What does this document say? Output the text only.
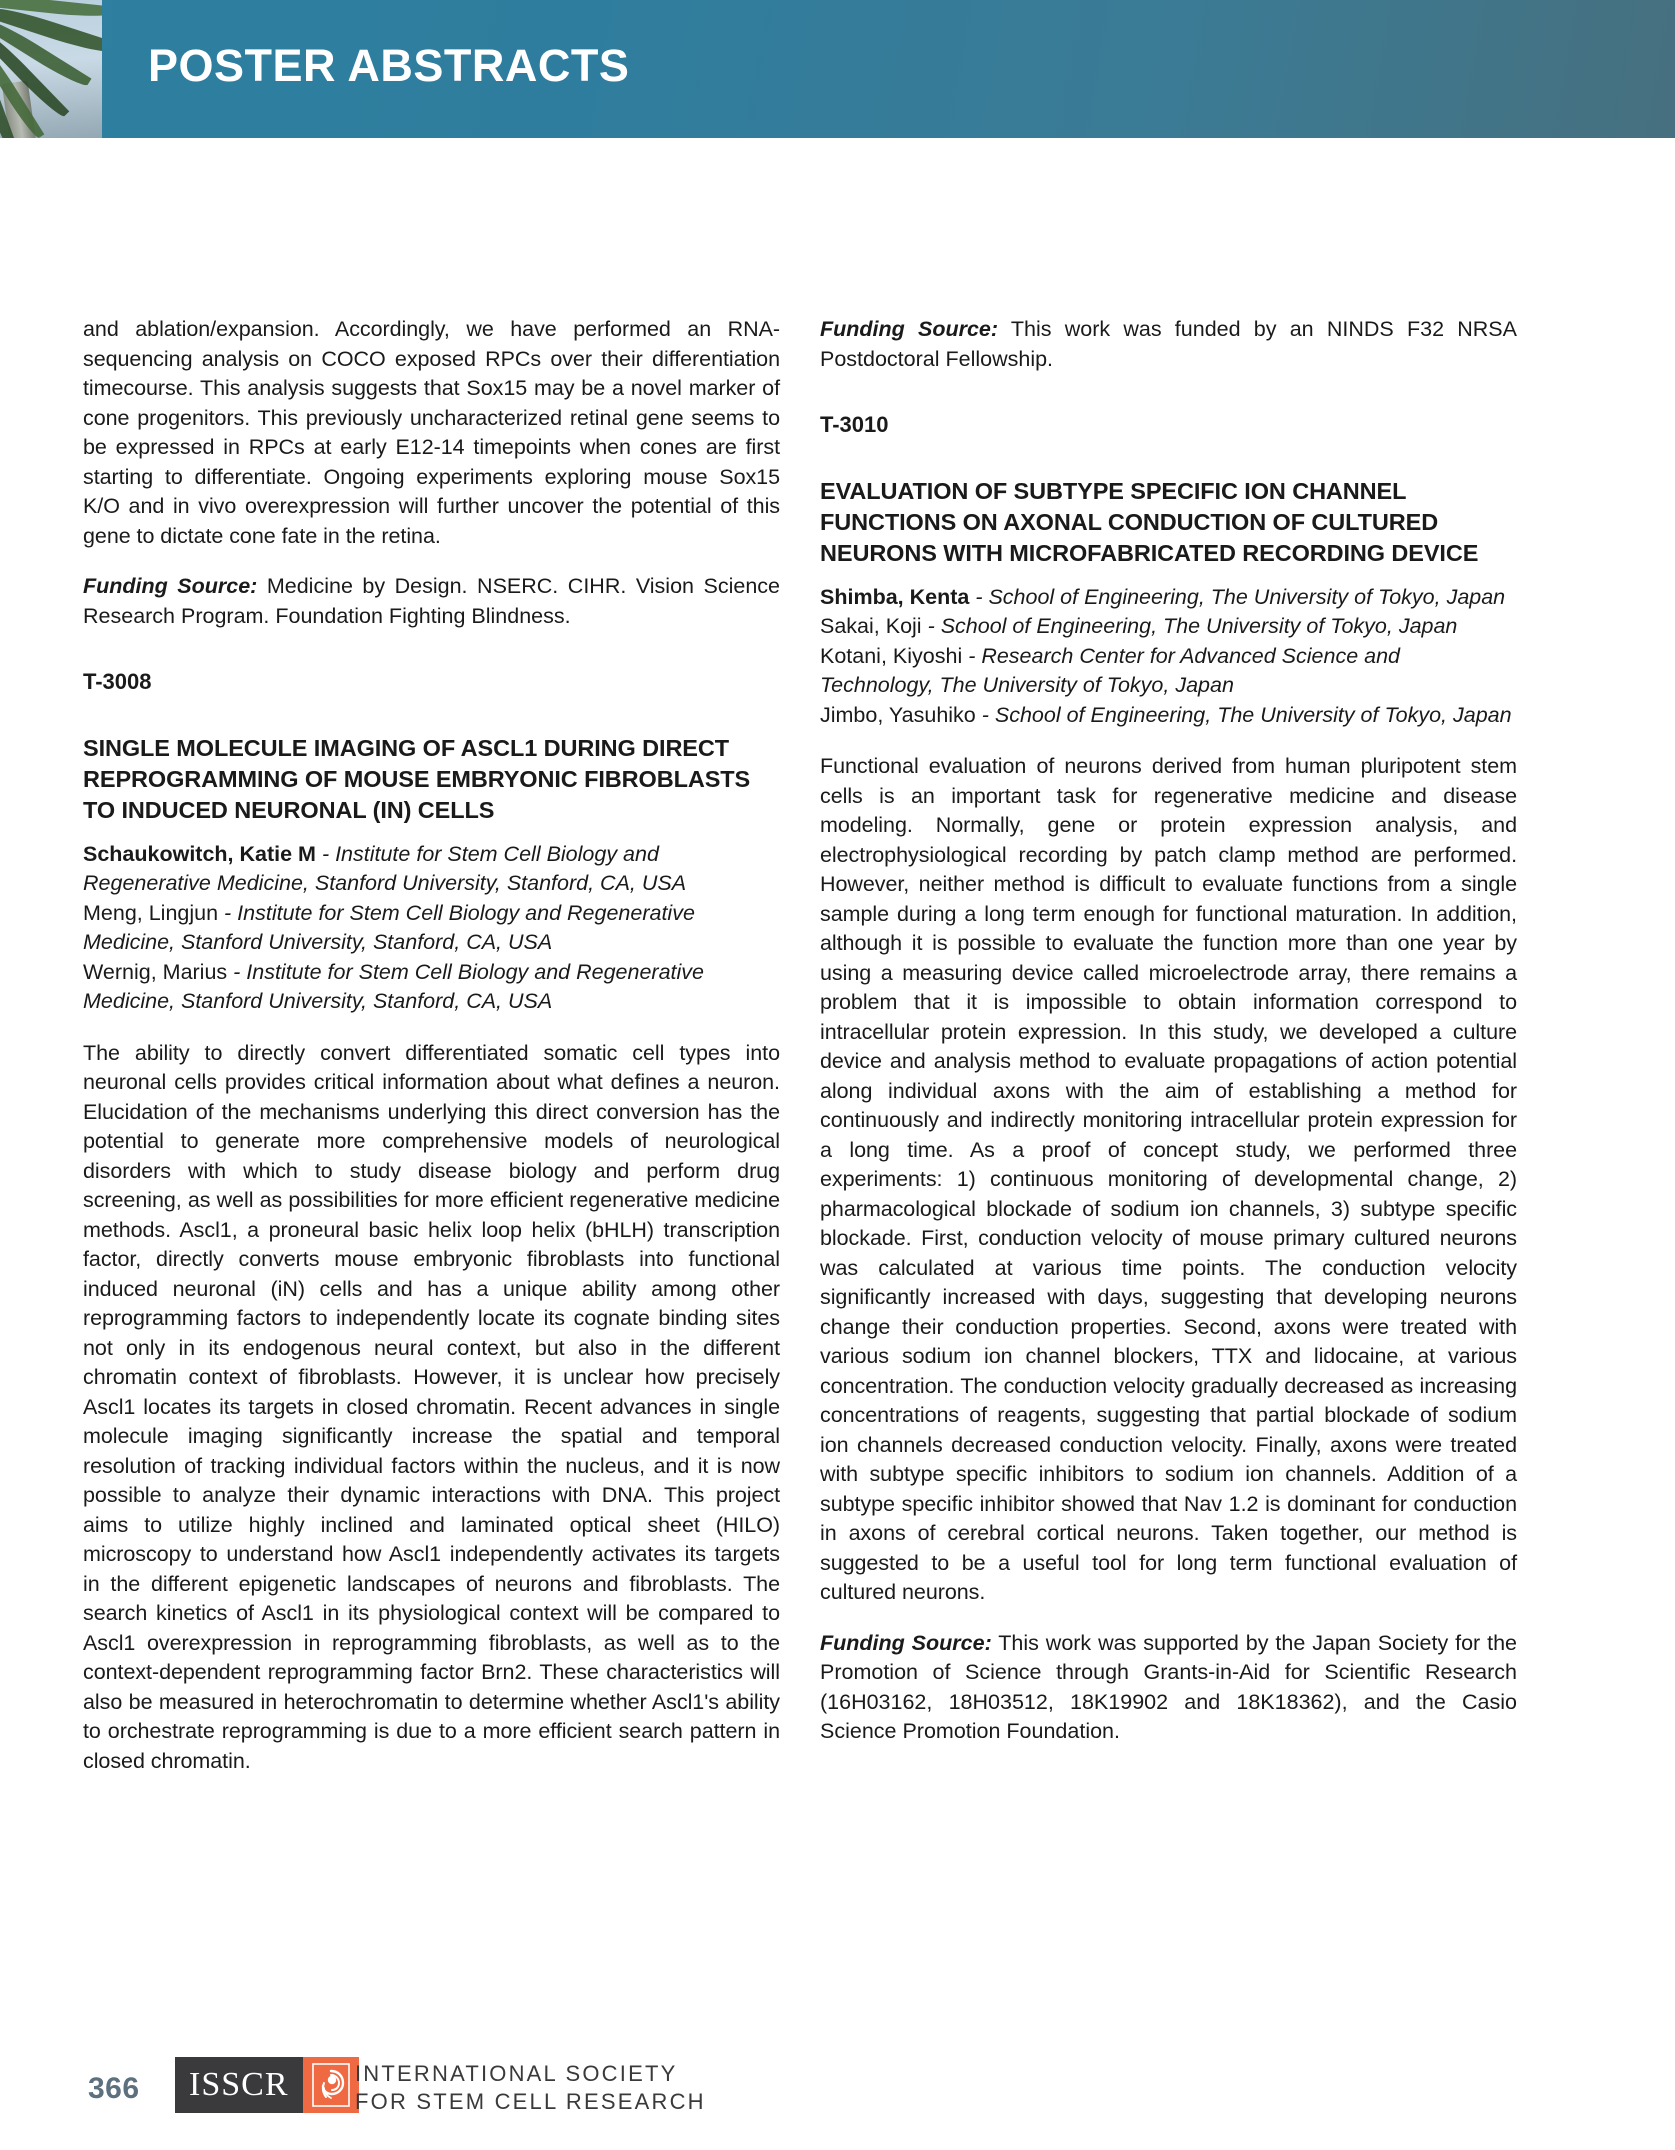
POSTER ABSTRACTS

and ablation/expansion. Accordingly, we have performed an RNA-sequencing analysis on COCO exposed RPCs over their differentiation timecourse. This analysis suggests that Sox15 may be a novel marker of cone progenitors. This previously uncharacterized retinal gene seems to be expressed in RPCs at early E12-14 timepoints when cones are first starting to differentiate. Ongoing experiments exploring mouse Sox15 K/O and in vivo overexpression will further uncover the potential of this gene to dictate cone fate in the retina.

Funding Source: Medicine by Design. NSERC. CIHR. Vision Science Research Program. Foundation Fighting Blindness.

T-3008

SINGLE MOLECULE IMAGING OF ASCL1 DURING DIRECT REPROGRAMMING OF MOUSE EMBRYONIC FIBROBLASTS TO INDUCED NEURONAL (IN) CELLS

Schaukowitch, Katie M - Institute for Stem Cell Biology and Regenerative Medicine, Stanford University, Stanford, CA, USA
Meng, Lingjun - Institute for Stem Cell Biology and Regenerative Medicine, Stanford University, Stanford, CA, USA
Wernig, Marius - Institute for Stem Cell Biology and Regenerative Medicine, Stanford University, Stanford, CA, USA

The ability to directly convert differentiated somatic cell types into neuronal cells provides critical information about what defines a neuron. Elucidation of the mechanisms underlying this direct conversion has the potential to generate more comprehensive models of neurological disorders with which to study disease biology and perform drug screening, as well as possibilities for more efficient regenerative medicine methods. Ascl1, a proneural basic helix loop helix (bHLH) transcription factor, directly converts mouse embryonic fibroblasts into functional induced neuronal (iN) cells and has a unique ability among other reprogramming factors to independently locate its cognate binding sites not only in its endogenous neural context, but also in the different chromatin context of fibroblasts. However, it is unclear how precisely Ascl1 locates its targets in closed chromatin. Recent advances in single molecule imaging significantly increase the spatial and temporal resolution of tracking individual factors within the nucleus, and it is now possible to analyze their dynamic interactions with DNA. This project aims to utilize highly inclined and laminated optical sheet (HILO) microscopy to understand how Ascl1 independently activates its targets in the different epigenetic landscapes of neurons and fibroblasts. The search kinetics of Ascl1 in its physiological context will be compared to Ascl1 overexpression in reprogramming fibroblasts, as well as to the context-dependent reprogramming factor Brn2. These characteristics will also be measured in heterochromatin to determine whether Ascl1's ability to orchestrate reprogramming is due to a more efficient search pattern in closed chromatin.

Funding Source: This work was funded by an NINDS F32 NRSA Postdoctoral Fellowship.

T-3010

EVALUATION OF SUBTYPE SPECIFIC ION CHANNEL FUNCTIONS ON AXONAL CONDUCTION OF CULTURED NEURONS WITH MICROFABRICATED RECORDING DEVICE

Shimba, Kenta - School of Engineering, The University of Tokyo, Japan
Sakai, Koji - School of Engineering, The University of Tokyo, Japan
Kotani, Kiyoshi - Research Center for Advanced Science and Technology, The University of Tokyo, Japan
Jimbo, Yasuhiko - School of Engineering, The University of Tokyo, Japan

Functional evaluation of neurons derived from human pluripotent stem cells is an important task for regenerative medicine and disease modeling. Normally, gene or protein expression analysis, and electrophysiological recording by patch clamp method are performed. However, neither method is difficult to evaluate functions from a single sample during a long term enough for functional maturation. In addition, although it is possible to evaluate the function more than one year by using a measuring device called microelectrode array, there remains a problem that it is impossible to obtain information correspond to intracellular protein expression. In this study, we developed a culture device and analysis method to evaluate propagations of action potential along individual axons with the aim of establishing a method for continuously and indirectly monitoring intracellular protein expression for a long time. As a proof of concept study, we performed three experiments: 1) continuous monitoring of developmental change, 2) pharmacological blockade of sodium ion channels, 3) subtype specific blockade. First, conduction velocity of mouse primary cultured neurons was calculated at various time points. The conduction velocity significantly increased with days, suggesting that developing neurons change their conduction properties. Second, axons were treated with various sodium ion channel blockers, TTX and lidocaine, at various concentration. The conduction velocity gradually decreased as increasing concentrations of reagents, suggesting that partial blockade of sodium ion channels decreased conduction velocity. Finally, axons were treated with subtype specific inhibitors to sodium ion channels. Addition of a subtype specific inhibitor showed that Nav 1.2 is dominant for conduction in axons of cerebral cortical neurons. Taken together, our method is suggested to be a useful tool for long term functional evaluation of cultured neurons.

Funding Source: This work was supported by the Japan Society for the Promotion of Science through Grants-in-Aid for Scientific Research (16H03162, 18H03512, 18K19902 and 18K18362), and the Casio Science Promotion Foundation.

366	ISSCR	INTERNATIONAL SOCIETY
FOR STEM CELL RESEARCH
